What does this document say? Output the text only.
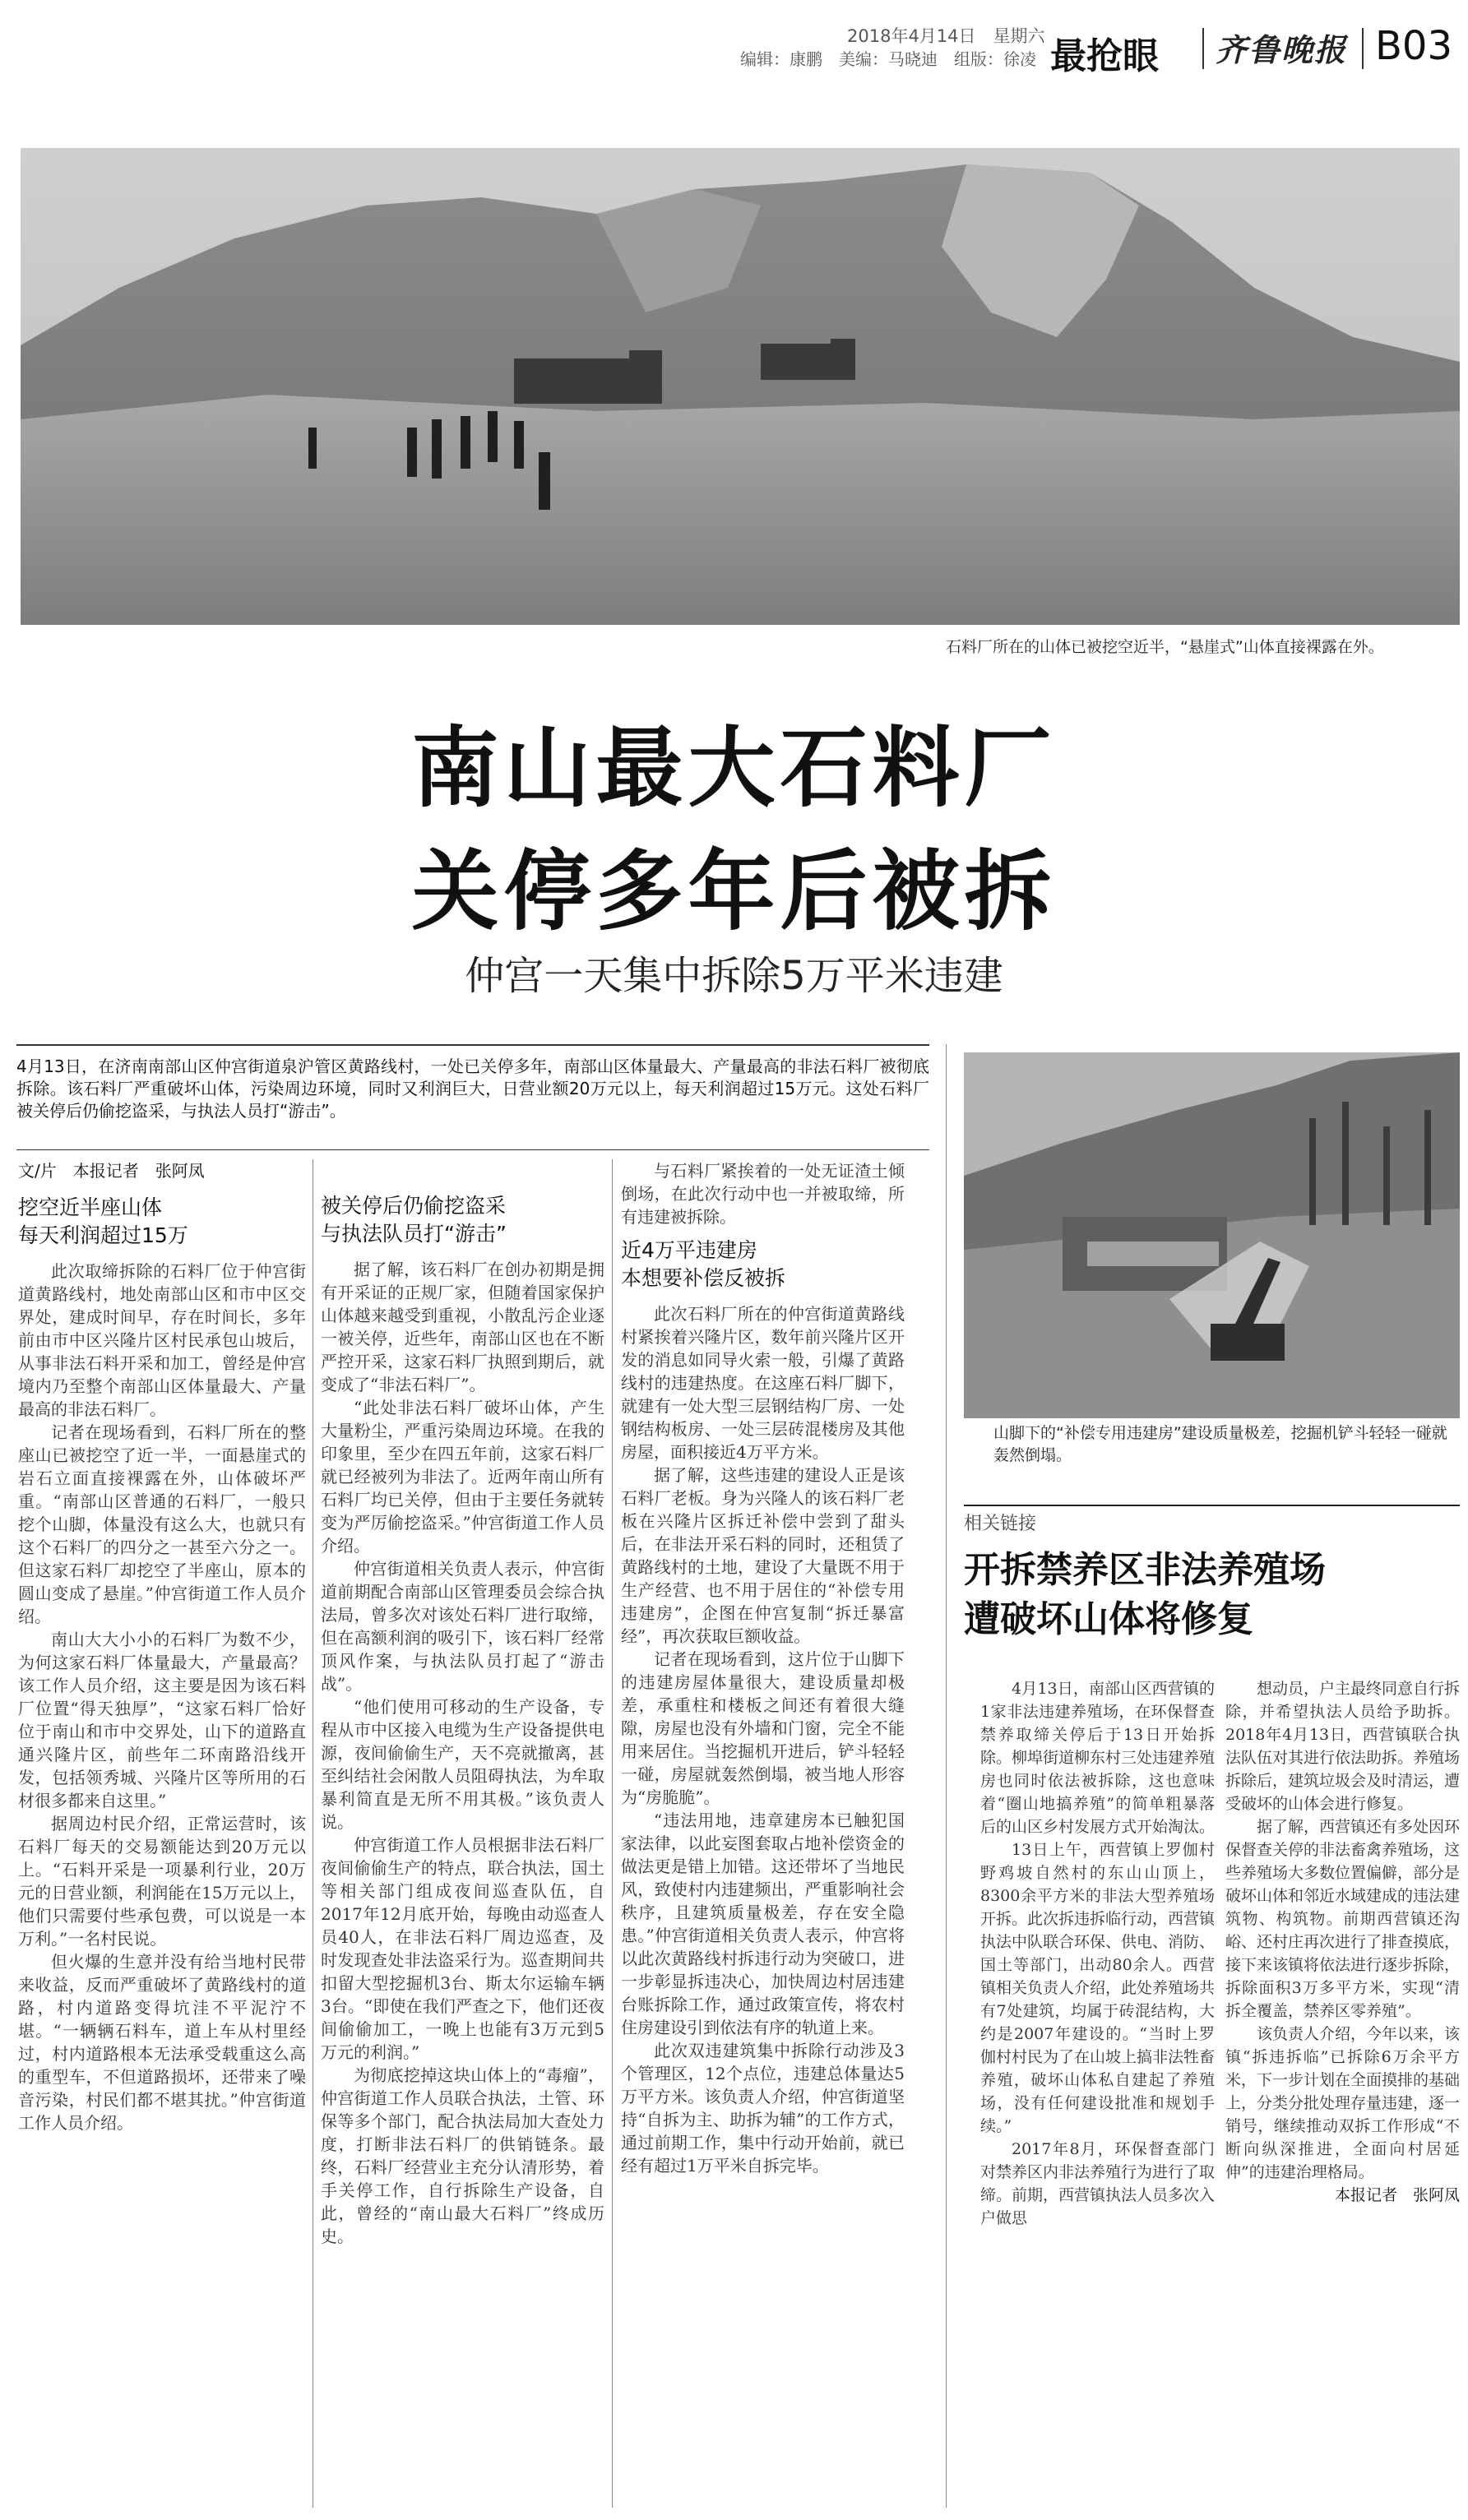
2018年4月14日　星期六
编辑：康鹏　美编：马晓迪　组版：徐凌 最抢眼 齐鲁晚报 B03
石料厂所在的山体已被挖空近半，“悬崖式”山体直接裸露在外。
南山最大石料厂
关停多年后被拆
仲宫一天集中拆除5万平米违建
4月13日，在济南南部山区仲宫街道泉沪管区黄路线村，一处已关停多年，南部山区体量最大、产量最高的非法石料厂被彻底拆除。该石料厂严重破坏山体，污染周边环境，同时又利润巨大，日营业额20万元以上，每天利润超过15万元。这处石料厂被关停后仍偷挖盗采，与执法人员打“游击”。
文/片　本报记者　张阿凤
挖空近半座山体
每天利润超过15万

此次取缔拆除的石料厂位于仲宫街道黄路线村，地处南部山区和市中区交界处，建成时间早，存在时间长，多年前由市中区兴隆片区村民承包山坡后，从事非法石料开采和加工，曾经是仲宫境内乃至整个南部山区体量最大、产量最高的非法石料厂。

记者在现场看到，石料厂所在的整座山已被挖空了近一半，一面悬崖式的岩石立面直接裸露在外，山体破坏严重。“南部山区普通的石料厂，一般只挖个山脚，体量没有这么大，也就只有这个石料厂的四分之一甚至六分之一。但这家石料厂却挖空了半座山，原本的圆山变成了悬崖。”仲宫街道工作人员介绍。

南山大大小小的石料厂为数不少，为何这家石料厂体量最大，产量最高？该工作人员介绍，这主要是因为该石料厂位置“得天独厚”，“这家石料厂恰好位于南山和市中交界处，山下的道路直通兴隆片区，前些年二环南路沿线开发，包括领秀城、兴隆片区等所用的石材很多都来自这里。”

据周边村民介绍，正常运营时，该石料厂每天的交易额能达到20万元以上。“石料开采是一项暴利行业，20万元的日营业额，利润能在15万元以上，他们只需要付些承包费，可以说是一本万利。”一名村民说。

但火爆的生意并没有给当地村民带来收益，反而严重破坏了黄路线村的道路，村内道路变得坑洼不平泥泞不堪。“一辆辆石料车，道上车从村里经过，村内道路根本无法承受载重这么高的重型车，不但道路损坏，还带来了噪音污染，村民们都不堪其扰。”仲宫街道工作人员介绍。

被关停后仍偷挖盗采
与执法队员打“游击”

据了解，该石料厂在创办初期是拥有开采证的正规厂家，但随着国家保护山体越来越受到重视，小散乱污企业逐一被关停，近些年，南部山区也在不断严控开采，这家石料厂执照到期后，就变成了“非法石料厂”。

“此处非法石料厂破坏山体，产生大量粉尘，严重污染周边环境。在我的印象里，至少在四五年前，这家石料厂就已经被列为非法了。近两年南山所有石料厂均已关停，但由于主要任务就转变为严厉偷挖盗采。”仲宫街道工作人员介绍。

仲宫街道相关负责人表示，仲宫街道前期配合南部山区管理委员会综合执法局，曾多次对该处石料厂进行取缔，但在高额利润的吸引下，该石料厂经常顶风作案，与执法队员打起了“游击战”。

“他们使用可移动的生产设备，专程从市中区接入电缆为生产设备提供电源，夜间偷偷生产，天不亮就撤离，甚至纠结社会闲散人员阻碍执法，为牟取暴利简直是无所不用其极。”该负责人说。

仲宫街道工作人员根据非法石料厂夜间偷偷生产的特点，联合执法，国土等相关部门组成夜间巡查队伍，自2017年12月底开始，每晚由动巡查人员40人，在非法石料厂周边巡查，及时发现查处非法盗采行为。巡查期间共扣留大型挖掘机3台、斯太尔运输车辆3台。“即使在我们严查之下，他们还夜间偷偷加工，一晚上也能有3万元到5万元的利润。”

为彻底挖掉这块山体上的“毒瘤”，仲宫街道工作人员联合执法，土管、环保等多个部门，配合执法局加大查处力度，打断非法石料厂的供销链条。最终，石料厂经营业主充分认清形势，着手关停工作，自行拆除生产设备，自此，曾经的“南山最大石料厂”终成历史。

与石料厂紧挨着的一处无证渣土倾倒场，在此次行动中也一并被取缔，所有违建被拆除。

近4万平违建房
本想要补偿反被拆

此次石料厂所在的仲宫街道黄路线村紧挨着兴隆片区，数年前兴隆片区开发的消息如同导火索一般，引爆了黄路线村的违建热度。在这座石料厂脚下，就建有一处大型三层钢结构厂房、一处钢结构板房、一处三层砖混楼房及其他房屋，面积接近4万平方米。

据了解，这些违建的建设人正是该石料厂老板。身为兴隆人的该石料厂老板在兴隆片区拆迁补偿中尝到了甜头后，在非法开采石料的同时，还租赁了黄路线村的土地，建设了大量既不用于生产经营、也不用于居住的“补偿专用违建房”，企图在仲宫复制“拆迁暴富经”，再次获取巨额收益。

记者在现场看到，这片位于山脚下的违建房屋体量很大，建设质量却极差，承重柱和楼板之间还有着很大缝隙，房屋也没有外墙和门窗，完全不能用来居住。当挖掘机开进后，铲斗轻轻一碰，房屋就轰然倒塌，被当地人形容为“房脆脆”。

“违法用地，违章建房本已触犯国家法律，以此妄图套取占地补偿资金的做法更是错上加错。这还带坏了当地民风，致使村内违建频出，严重影响社会秩序，且建筑质量极差，存在安全隐患。”仲宫街道相关负责人表示，仲宫将以此次黄路线村拆违行动为突破口，进一步彰显拆违决心，加快周边村居违建台账拆除工作，通过政策宣传，将农村住房建设引到依法有序的轨道上来。

此次双违建筑集中拆除行动涉及3个管理区，12个点位，违建总体量达5万平方米。该负责人介绍，仲宫街道坚持“自拆为主、助拆为辅”的工作方式，通过前期工作，集中行动开始前，就已经有超过1万平米自拆完毕。

山脚下的“补偿专用违建房”建设质量极差，挖掘机铲斗轻轻一碰就轰然倒塌。
相关链接
开拆禁养区非法养殖场
遭破坏山体将修复

4月13日，南部山区西营镇的1家非法违建养殖场，在环保督查禁养取缔关停后于13日开始拆除。柳埠街道柳东村三处违建养殖房也同时依法被拆除，这也意味着“圈山地搞养殖”的简单粗暴落后的山区乡村发展方式开始淘汰。

13日上午，西营镇上罗伽村野鸡坡自然村的东山山顶上，8300余平方米的非法大型养殖场开拆。此次拆违拆临行动，西营镇执法中队联合环保、供电、消防、国土等部门，出动80余人。西营镇相关负责人介绍，此处养殖场共有7处建筑，均属于砖混结构，大约是2007年建设的。“当时上罗伽村村民为了在山坡上搞非法牲畜养殖，破坏山体私自建起了养殖场，没有任何建设批准和规划手续。”

2017年8月，环保督查部门对禁养区内非法养殖行为进行了取缔。前期，西营镇执法人员多次入户做思

想动员，户主最终同意自行拆除，并希望执法人员给予助拆。2018年4月13日，西营镇联合执法队伍对其进行依法助拆。养殖场拆除后，建筑垃圾会及时清运，遭受破坏的山体会进行修复。

据了解，西营镇还有多处因环保督查关停的非法畜禽养殖场，这些养殖场大多数位置偏僻，部分是破坏山体和邻近水域建成的违法建筑物、构筑物。前期西营镇还沟峪、还村庄再次进行了排查摸底，接下来该镇将依法进行逐步拆除，拆除面积3万多平方米，实现“清拆全覆盖，禁养区零养殖”。

该负责人介绍，今年以来，该镇“拆违拆临”已拆除6万余平方米，下一步计划在全面摸排的基础上，分类分批处理存量违建，逐一销号，继续推动双拆工作形成“不断向纵深推进，全面向村居延伸”的违建治理格局。

本报记者　张阿凤
